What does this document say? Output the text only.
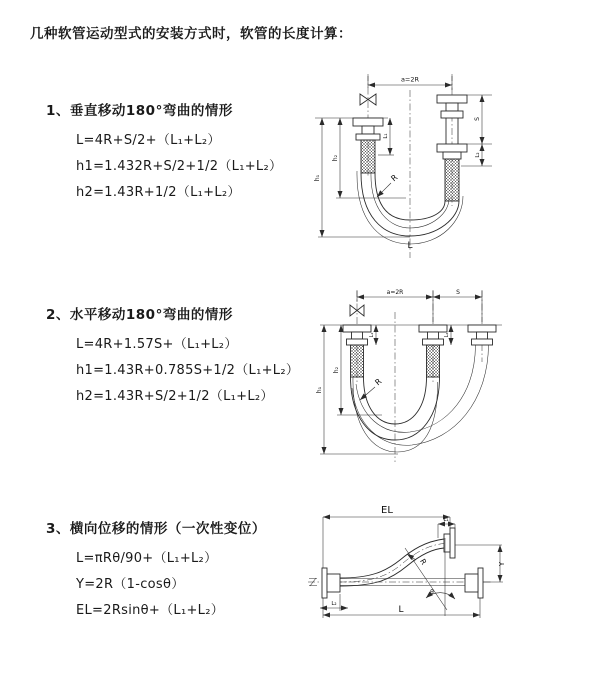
几种软管运动型式的安装方式时，软管的长度计算：
1、垂直移动180°弯曲的情形
L=4R+S/2+（L₁+L₂）
h1=1.432R+S/2+1/2（L₁+L₂）
h2=1.43R+1/2（L₁+L₂）
a=2R
h₁
h₂
L₁
S
L₂
R
L
2、水平移动180°弯曲的情形
L=4R+1.57S+（L₁+L₂）
h1=1.43R+0.785S+1/2（L₁+L₂）
h2=1.43R+S/2+1/2（L₁+L₂）
a=2R	S
L₁	L₂
h₁
h₂
R
3、横向位移的情形（一次性变位）
L=πRθ/90+（L₁+L₂）
Y=2R（1-cosθ）
EL=2Rsinθ+（L₁+L₂）
EL
L₁
θ
R	Y
L
L₂
